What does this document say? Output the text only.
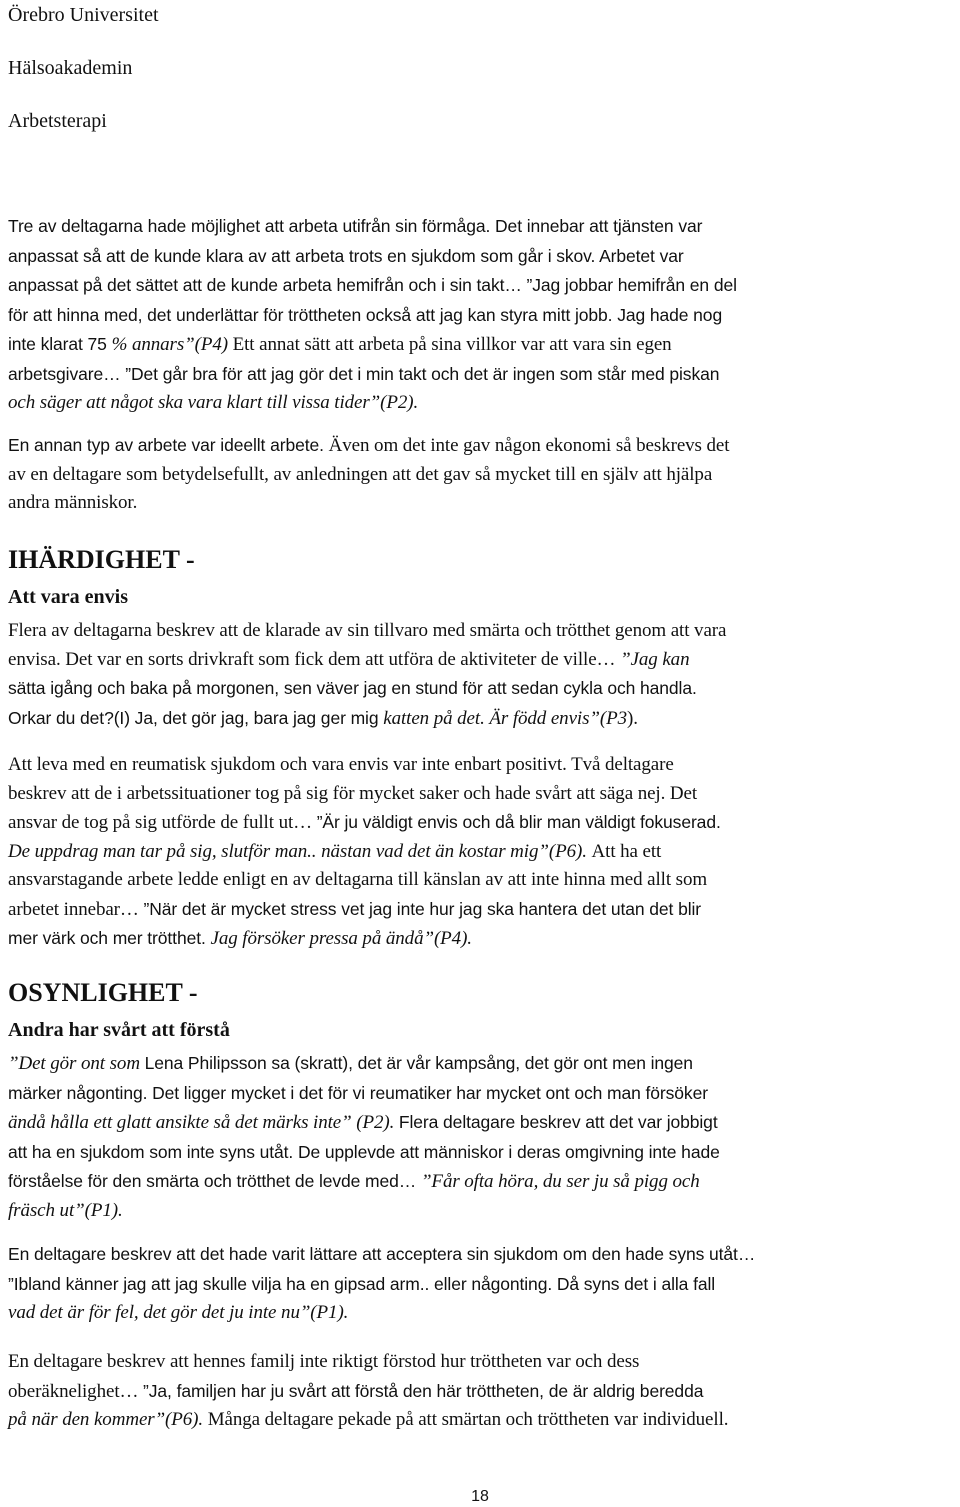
Örebro Universitet

Hälsoakademin

Arbetsterapi

Tre av deltagarna hade möjlighet att arbeta utifrån sin förmåga. Det innebar att tjänsten var
anpassat så att de kunde klara av att arbeta trots en sjukdom som går i skov. Arbetet var
anpassat på det sättet att de kunde arbeta hemifrån och i sin takt… ”Jag jobbar hemifrån en del
för att hinna med, det underlättar för tröttheten också att jag kan styra mitt jobb. Jag hade nog
inte klarat 75 % annars”(P4) Ett annat sätt att arbeta på sina villkor var att vara sin egen
arbetsgivare… ”Det går bra för att jag gör det i min takt och det är ingen som står med piskan
och säger att något ska vara klart till vissa tider”(P2).
En annan typ av arbete var ideellt arbete. Även om det inte gav någon ekonomi så beskrevs det
av en deltagare som betydelsefullt, av anledningen att det gav så mycket till en själv att hjälpa
andra människor.
IHÄRDIGHET -
Att vara envis
Flera av deltagarna beskrev att de klarade av sin tillvaro med smärta och trötthet genom att vara
envisa. Det var en sorts drivkraft som fick dem att utföra de aktiviteter de ville… ”Jag kan
sätta igång och baka på morgonen, sen väver jag en stund för att sedan cykla och handla.
Orkar du det?(I) Ja, det gör jag, bara jag ger mig katten på det. Är född envis”(P3).
Att leva med en reumatisk sjukdom och vara envis var inte enbart positivt. Två deltagare
beskrev att de i arbetssituationer tog på sig för mycket saker och hade svårt att säga nej. Det
ansvar de tog på sig utförde de fullt ut… ”Är ju väldigt envis och då blir man väldigt fokuserad.
De uppdrag man tar på sig, slutför man.. nästan vad det än kostar mig”(P6). Att ha ett
ansvarstagande arbete ledde enligt en av deltagarna till känslan av att inte hinna med allt som
arbetet innebar… ”När det är mycket stress vet jag inte hur jag ska hantera det utan det blir
mer värk och mer trötthet. Jag försöker pressa på ändå”(P4).
OSYNLIGHET -
Andra har svårt att förstå
”Det gör ont som Lena Philipsson sa (skratt), det är vår kampsång, det gör ont men ingen
märker någonting. Det ligger mycket i det för vi reumatiker har mycket ont och man försöker
ändå hålla ett glatt ansikte så det märks inte” (P2). Flera deltagare beskrev att det var jobbigt
att ha en sjukdom som inte syns utåt. De upplevde att människor i deras omgivning inte hade
förståelse för den smärta och trötthet de levde med… ”Får ofta höra, du ser ju så pigg och
fräsch ut”(P1).
En deltagare beskrev att det hade varit lättare att acceptera sin sjukdom om den hade syns utåt…
”Ibland känner jag att jag skulle vilja ha en gipsad arm.. eller någonting. Då syns det i alla fall
vad det är för fel, det gör det ju inte nu”(P1).
En deltagare beskrev att hennes familj inte riktigt förstod hur tröttheten var och dess
oberäknelighet… ”Ja, familjen har ju svårt att förstå den här tröttheten, de är aldrig beredda
på när den kommer”(P6). Många deltagare pekade på att smärtan och tröttheten var individuell.
18
